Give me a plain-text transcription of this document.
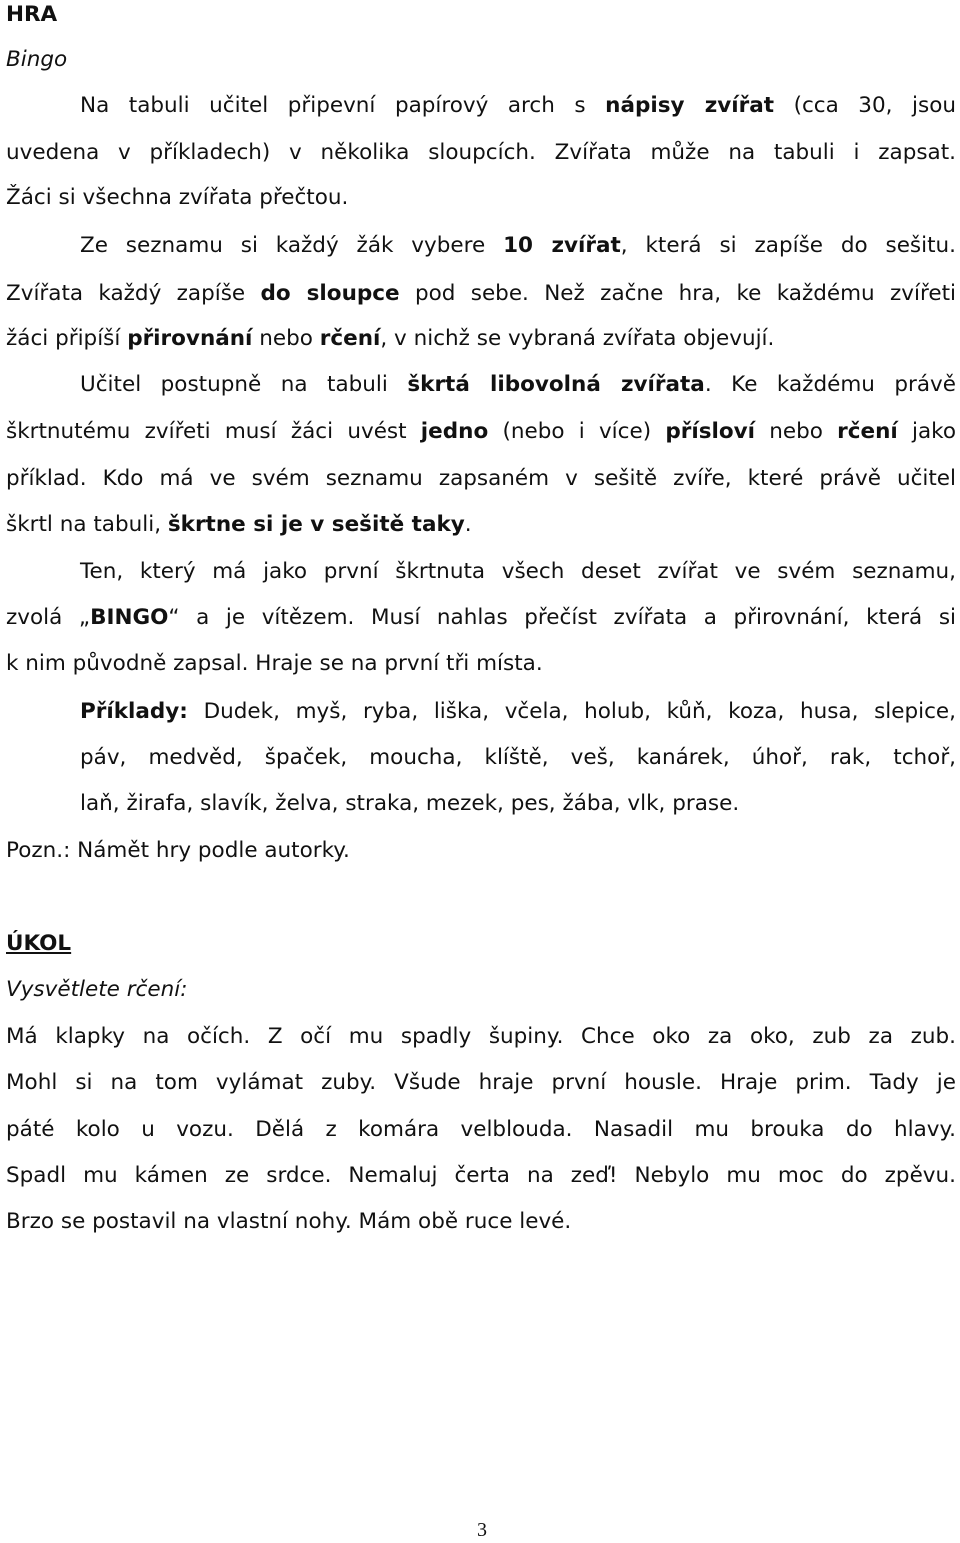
HRA
Bingo
Na tabuli učitel připevní papírový arch s nápisy zvířat (cca 30, jsou
uvedena v příkladech) v několika sloupcích. Zvířata může na tabuli i zapsat.
Žáci si všechna zvířata přečtou.
Ze seznamu si každý žák vybere 10 zvířat, která si zapíše do sešitu.
Zvířata každý zapíše do sloupce pod sebe. Než začne hra, ke každému zvířeti
žáci připíší přirovnání nebo rčení, v nichž se vybraná zvířata objevují.
Učitel postupně na tabuli škrtá libovolná zvířata. Ke každému právě
škrtnutému zvířeti musí žáci uvést jedno (nebo i více) přísloví nebo rčení jako
příklad. Kdo má ve svém seznamu zapsaném v sešitě zvíře, které právě učitel
škrtl na tabuli, škrtne si je v sešitě taky.
Ten, který má jako první škrtnuta všech deset zvířat ve svém seznamu,
zvolá „BINGO“ a je vítězem. Musí nahlas přečíst zvířata a přirovnání, která si
k nim původně zapsal. Hraje se na první tři místa.
Příklady: Dudek, myš, ryba, liška, včela, holub, kůň, koza, husa, slepice,
páv, medvěd, špaček, moucha, klíště, veš, kanárek, úhoř, rak, tchoř,
laň, žirafa, slavík, želva, straka, mezek, pes, žába, vlk, prase.
Pozn.: Námět hry podle autorky.
ÚKOL
Vysvětlete rčení:
Má klapky na očích. Z očí mu spadly šupiny. Chce oko za oko, zub za zub.
Mohl si na tom vylámat zuby. Všude hraje první housle. Hraje prim. Tady je
páté kolo u vozu. Dělá z komára velblouda. Nasadil mu brouka do hlavy.
Spadl mu kámen ze srdce. Nemaluj čerta na zeď! Nebylo mu moc do zpěvu.
Brzo se postavil na vlastní nohy. Mám obě ruce levé.
3
